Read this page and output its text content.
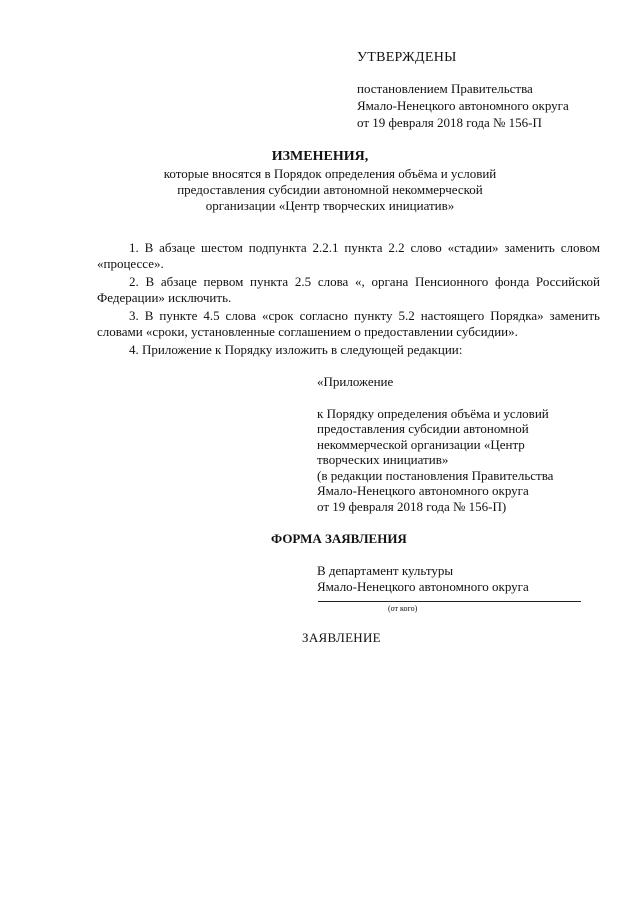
УТВЕРЖДЕНЫ
постановлением Правительства
Ямало-Ненецкого автономного округа
от 19 февраля 2018 года № 156-П
ИЗМЕНЕНИЯ,
которые вносятся в Порядок определения объёма и условий
предоставления субсидии автономной некоммерческой
организации «Центр творческих инициатив»

1. В абзаце шестом подпункта 2.2.1 пункта 2.2 слово «стадии» заменить словом «процессе».

2. В абзаце первом пункта 2.5 слова «, органа Пенсионного фонда Российской Федерации» исключить.

3. В пункте 4.5 слова «срок согласно пункту 5.2 настоящего Порядка» заменить словами «сроки, установленные соглашением о предоставлении субсидии».

4. Приложение к Порядку изложить в следующей редакции:

«Приложение
к Порядку определения объёма и условий
предоставления субсидии автономной
некоммерческой организации «Центр
творческих инициатив»
(в редакции постановления Правительства
Ямало-Ненецкого автономного округа
от 19 февраля 2018 года № 156-П)
ФОРМА ЗАЯВЛЕНИЯ
В департамент культуры
Ямало-Ненецкого автономного округа
(от кого)
ЗАЯВЛЕНИЕ
